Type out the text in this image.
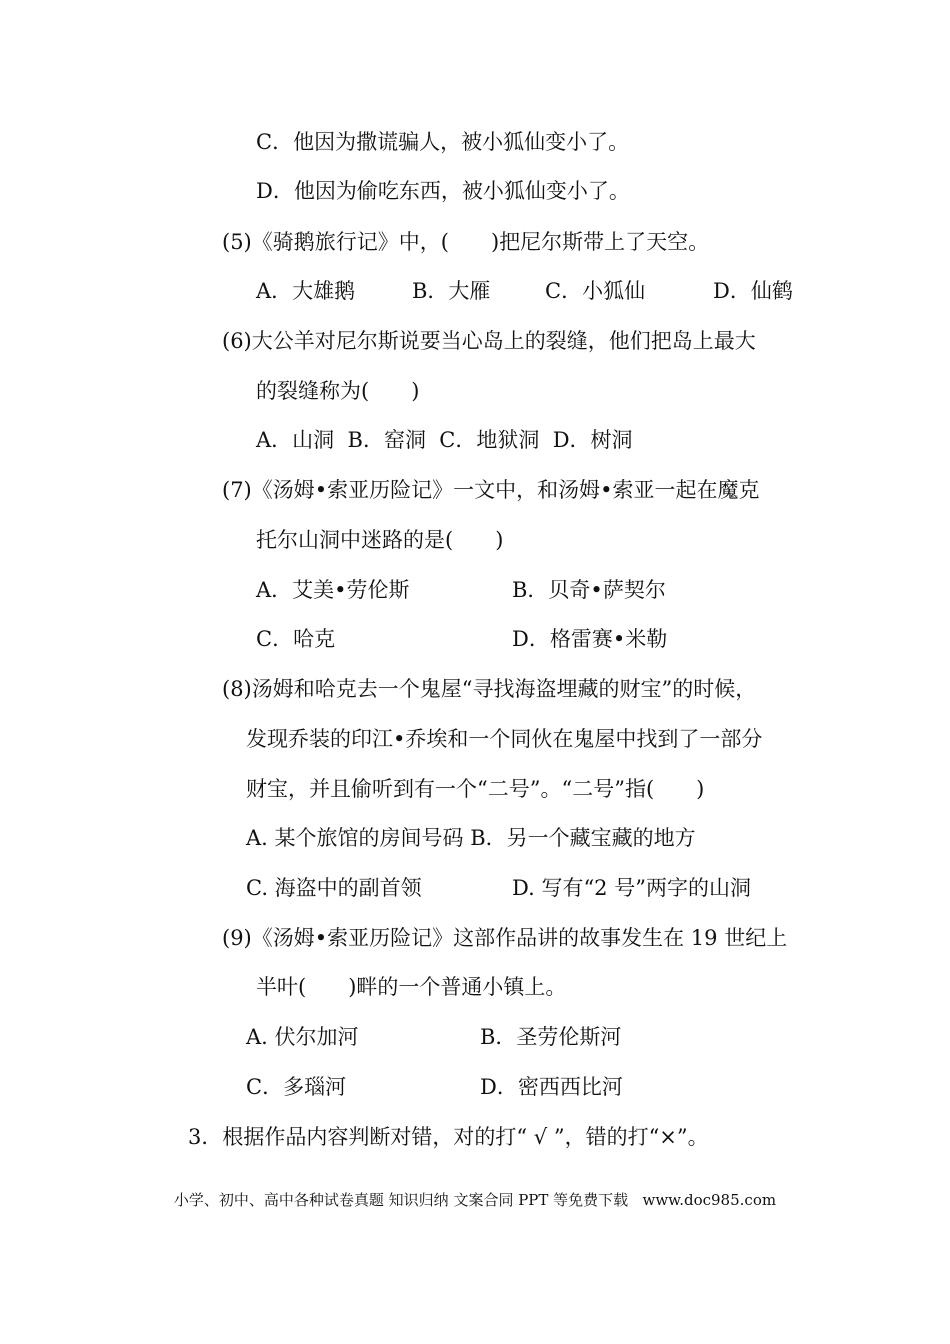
C．他因为撒谎骗人，被小狐仙变小了。
D．他因为偷吃东西，被小狐仙变小了。
(5)《骑鹅旅行记》中，(　　)把尼尔斯带上了天空。
A．大雄鹅	B．大雁	C．小狐仙	D．仙鹤
(6)大公羊对尼尔斯说要当心岛上的裂缝，他们把岛上最大
的裂缝称为(　　)
A．山洞  B．窑洞  C．地狱洞  D．树洞
(7)《汤姆•索亚历险记》一文中，和汤姆•索亚一起在魔克
托尔山洞中迷路的是(　　)
A．艾美•劳伦斯	B．贝奇•萨契尔
C．哈克	D．格雷赛•米勒
(8)汤姆和哈克去一个鬼屋“寻找海盗埋藏的财宝”的时候，
发现乔装的印江•乔埃和一个同伙在鬼屋中找到了一部分
财宝，并且偷听到有一个“二号”。“二号”指(　　)
A. 某个旅馆的房间号码 B．另一个藏宝藏的地方
C. 海盗中的副首领	D. 写有“2 号”两字的山洞
(9)《汤姆•索亚历险记》这部作品讲的故事发生在 19 世纪上
半叶(　　)畔的一个普通小镇上。
A. 伏尔加河	B．圣劳伦斯河
C．多瑙河	D．密西西比河
3．根据作品内容判断对错，对的打“ √ ”，错的打“×”。
小学、初中、高中各种试卷真题 知识归纳 文案合同 PPT 等免费下载   www.doc985.com
